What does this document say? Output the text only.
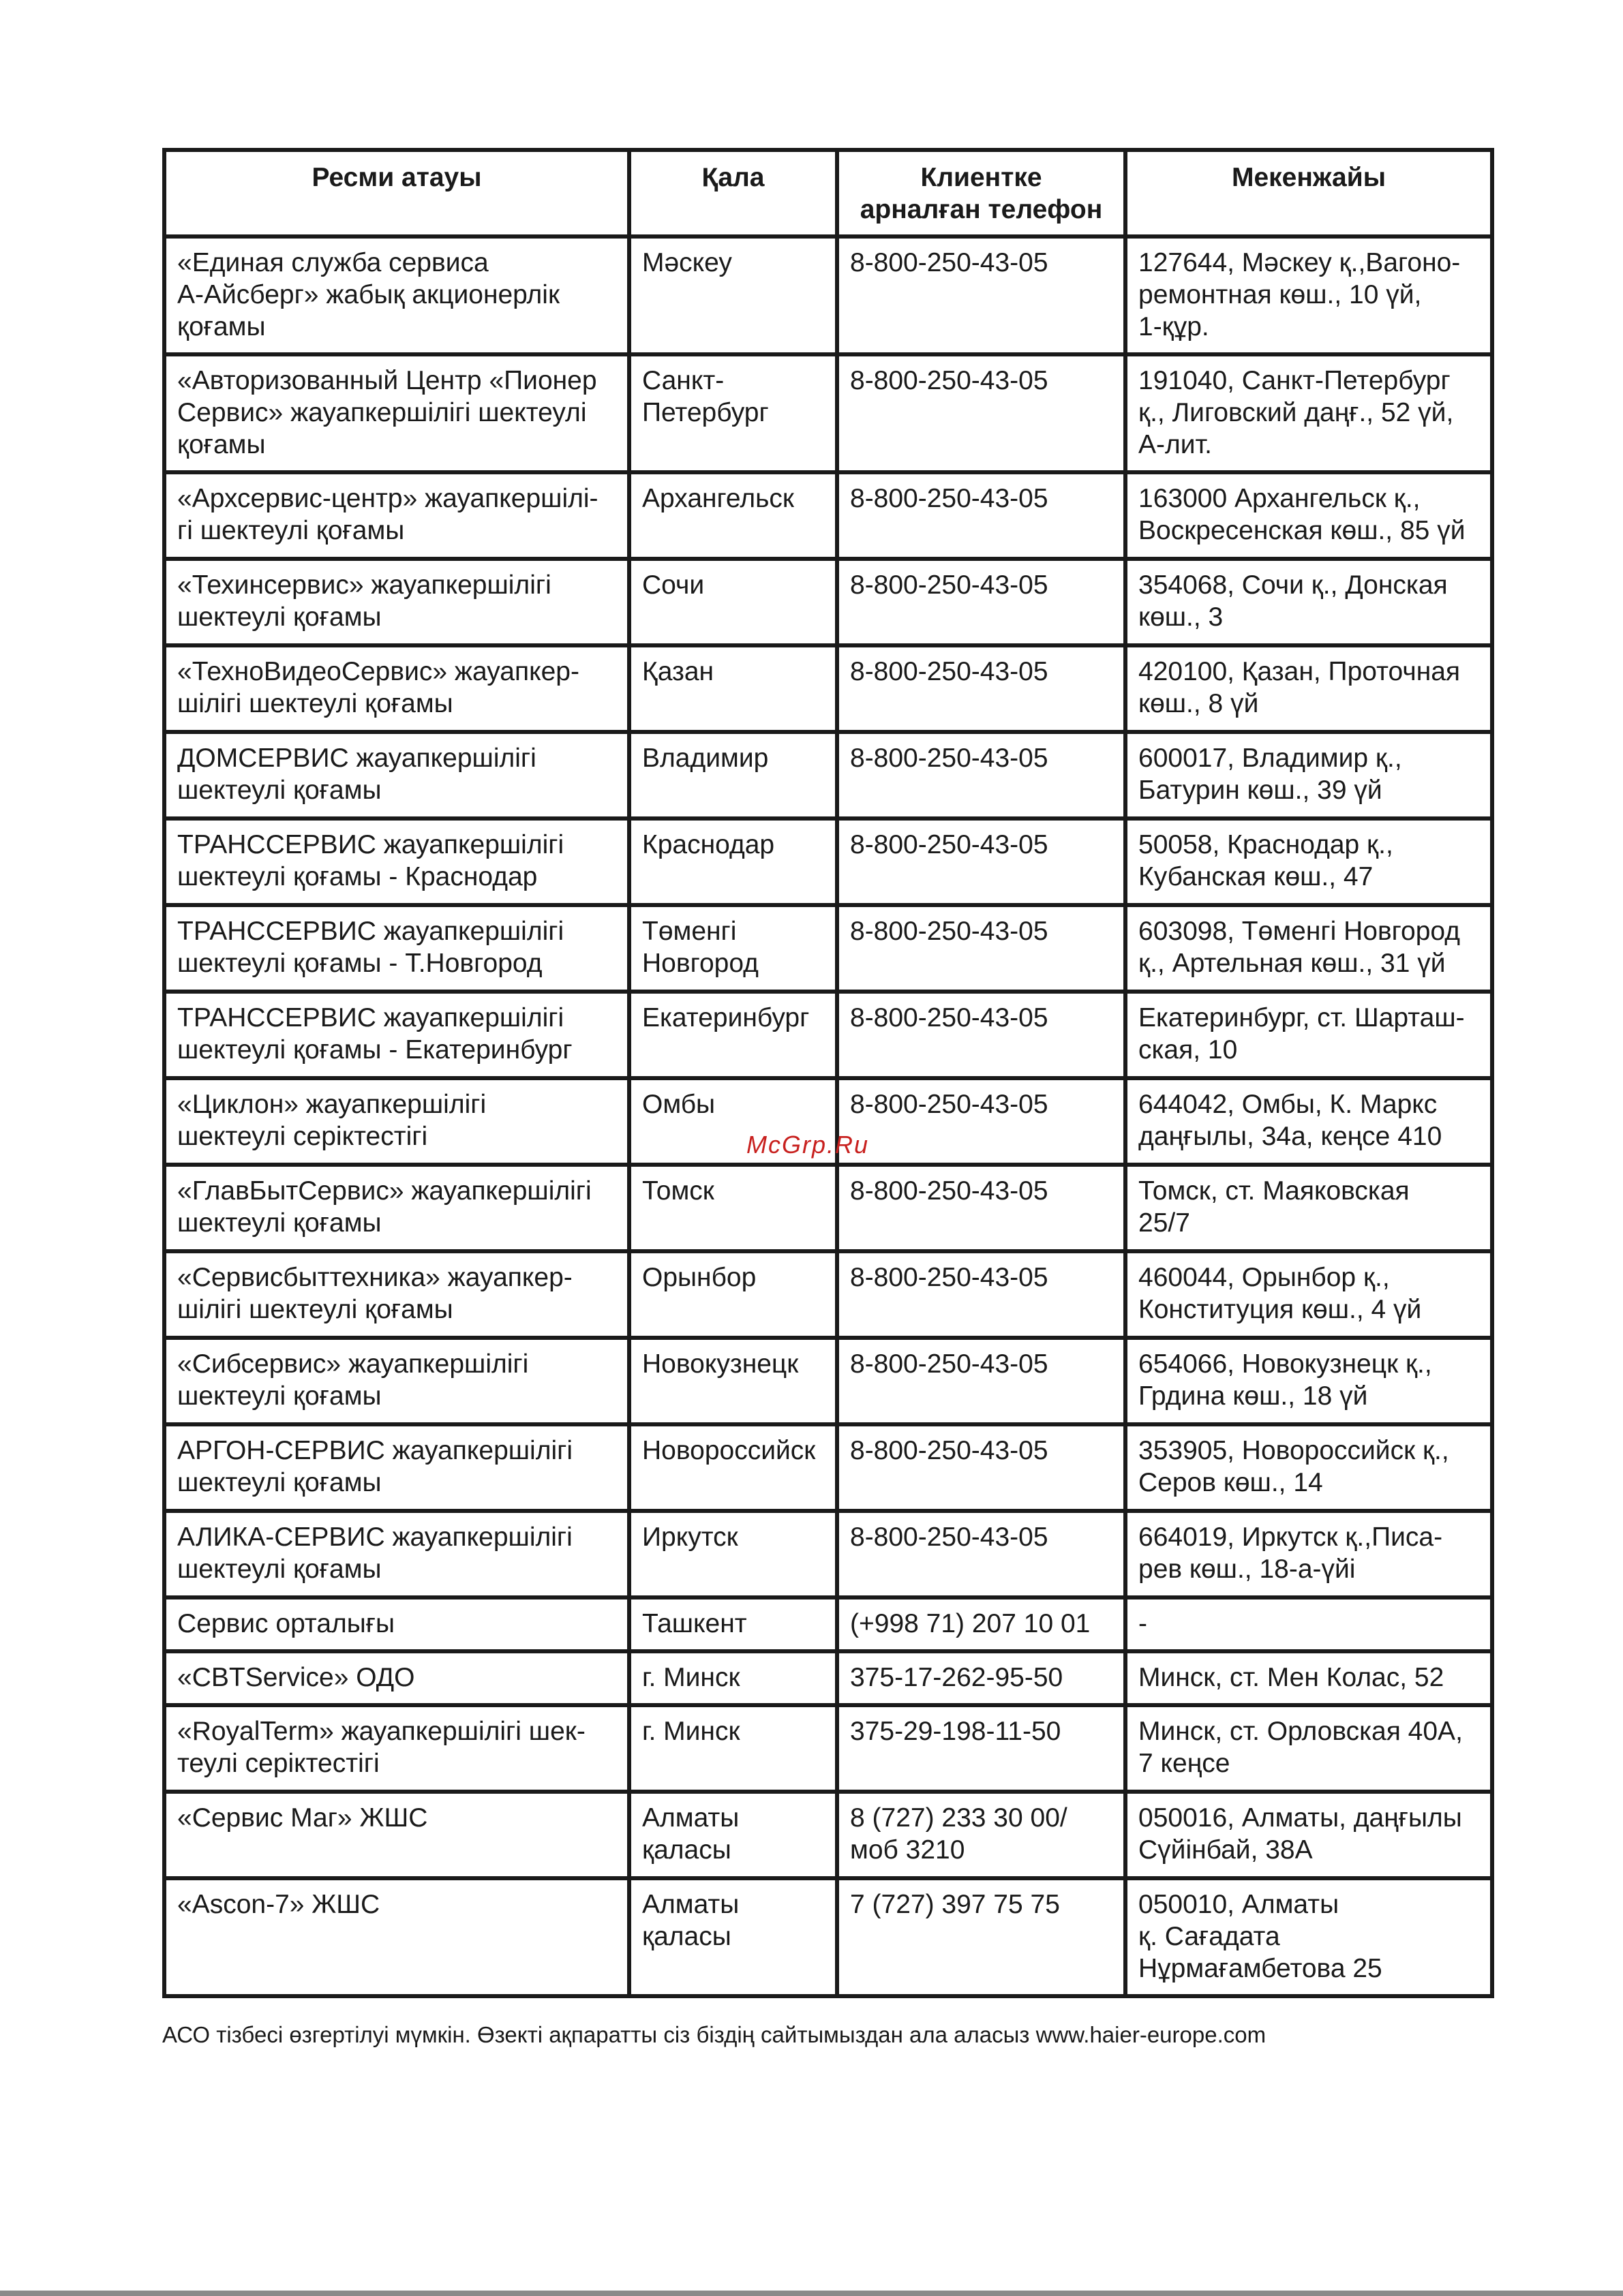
Ресми атауы	Қала	Клиентке
арналған телефон	Мекенжайы
«Единая служба сервиса
А-Айсберг» жабық акционерлік
қоғамы	Мәскеу	8-800-250-43-05	127644, Мәскеу қ.,Вагоно-
ремонтная көш., 10 үй,
1-құр.
«Авторизованный Центр «Пионер
Сервис» жауапкершілігі шектеулі
қоғамы	Санкт-
Петербург	8-800-250-43-05	191040, Санкт-Петербург
қ., Лиговский даңғ., 52 үй,
А-лит.
«Архсервис-центр» жауапкершілі-
гі шектеулі қоғамы	Архангельск	8-800-250-43-05	163000 Архангельск қ.,
Воскресенская көш., 85 үй
«Техинсервис» жауапкершілігі
шектеулі қоғамы	Сочи	8-800-250-43-05	354068, Сочи қ., Донская
көш., 3
«ТехноВидеоСервис» жауапкер-
шілігі шектеулі қоғамы	Қазан	8-800-250-43-05	420100, Қазан, Проточная
көш., 8 үй
ДОМСЕРВИС жауапкершілігі
шектеулі қоғамы	Владимир	8-800-250-43-05	600017, Владимир қ.,
Батурин көш., 39 үй
ТРАНССЕРВИС жауапкершілігі
шектеулі қоғамы - Краснодар	Краснодар	8-800-250-43-05	50058, Краснодар қ.,
Кубанская көш., 47
ТРАНССЕРВИС жауапкершілігі
шектеулі қоғамы - Т.Новгород	Төменгі
Новгород	8-800-250-43-05	603098, Төменгі Новгород
қ., Артельная көш., 31 үй
ТРАНССЕРВИС жауапкершілігі
шектеулі қоғамы - Екатеринбург	Екатеринбург	8-800-250-43-05	Екатеринбург, ст. Шарташ-
ская, 10
«Циклон» жауапкершілігі
шектеулі серіктестігі	Омбы	8-800-250-43-05	644042, Омбы, К. Маркс
даңғылы, 34а, кеңсе 410
«ГлавБытСервис» жауапкершілігі
шектеулі қоғамы	Томск	8-800-250-43-05	Томск, ст. Маяковская
25/7
«Сервисбыттехника» жауапкер-
шілігі шектеулі қоғамы	Орынбор	8-800-250-43-05	460044, Орынбор қ.,
Конституция көш., 4 үй
«Сибсервис» жауапкершілігі
шектеулі қоғамы	Новокузнецк	8-800-250-43-05	654066, Новокузнецк қ.,
Грдина көш., 18 үй
АРГОН-СЕРВИС жауапкершілігі
шектеулі қоғамы	Новороссийск	8-800-250-43-05	353905, Новороссийск қ.,
Серов көш., 14
АЛИКА-СЕРВИС жауапкершілігі
шектеулі қоғамы	Иркутск	8-800-250-43-05	664019, Иркутск қ.,Писа-
рев көш., 18-а-үйі
Сервис орталығы	Ташкент	(+998 71) 207 10 01	-
«CBTService» ОДО	г. Минск	375-17-262-95-50	Минск, ст. Мен Колас, 52
«RoyalTerm» жауапкершілігі шек-
теулі серіктестігі	г. Минск	375-29-198-11-50	Минск, ст. Орловская 40А,
7 кеңсе
«Сервис Маг» ЖШС	Алматы
қаласы	8 (727) 233 30 00/
моб 3210	050016, Алматы, даңғылы
Сүйінбай, 38А
«Ascon-7» ЖШС	Алматы
қаласы	7 (727) 397 75 75	050010, Алматы
қ. Сағадата
Нұрмағамбетова 25
McGrp.Ru
АСО тізбесі өзгертілуі мүмкін. Өзекті ақпаратты сіз біздің сайтымыздан ала аласыз www.haier-europe.com
